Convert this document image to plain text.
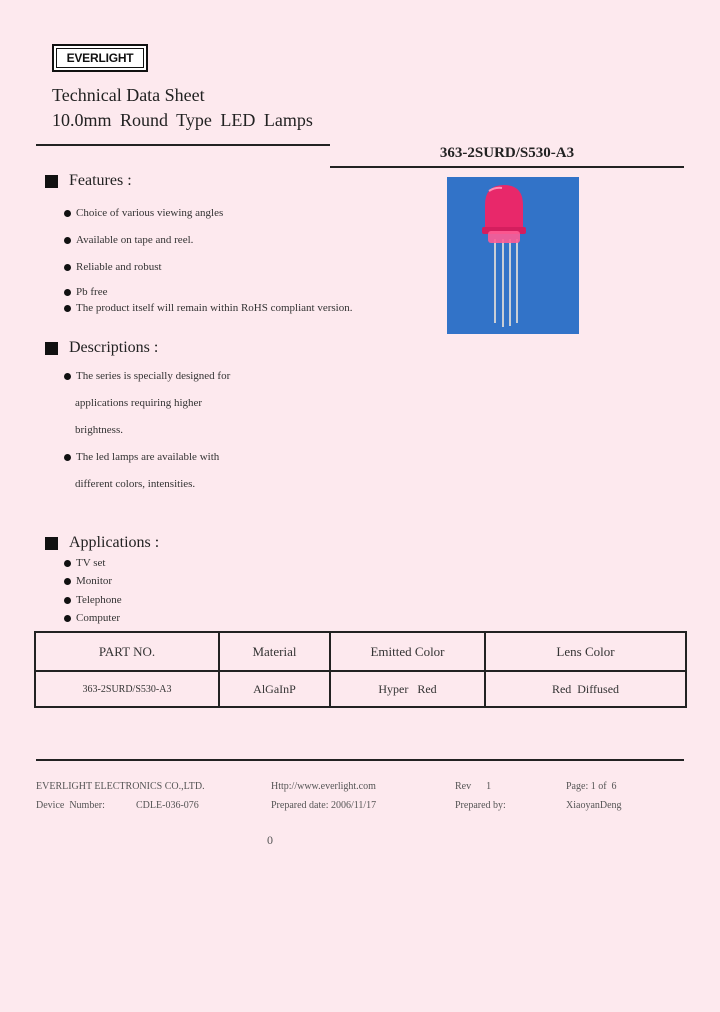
EVERLIGHT
Technical Data Sheet
10.0mm Round Type LED Lamps
363-2SURD/S530-A3
Features :
Choice of various viewing angles
Available on tape and reel.
Reliable and robust
Pb free
The product itself will remain within RoHS compliant version.
Descriptions :
The series is specially designed for
applications requiring higher
brightness.
The led lamps are available with
different colors, intensities.
Applications :
TV set
Monitor
Telephone
Computer
PART NO.	Material	Emitted Color	Lens Color
363-2SURD/S530-A3	AlGaInP	Hyper   Red	Red  Diffused
EVERLIGHT ELECTRONICS CO.,LTD.	Http://www.everlight.com	Rev      1	Page: 1 of  6
Device  Number:	CDLE-036-076	Prepared date: 2006/11/17	Prepared by:	XiaoyanDeng
0
